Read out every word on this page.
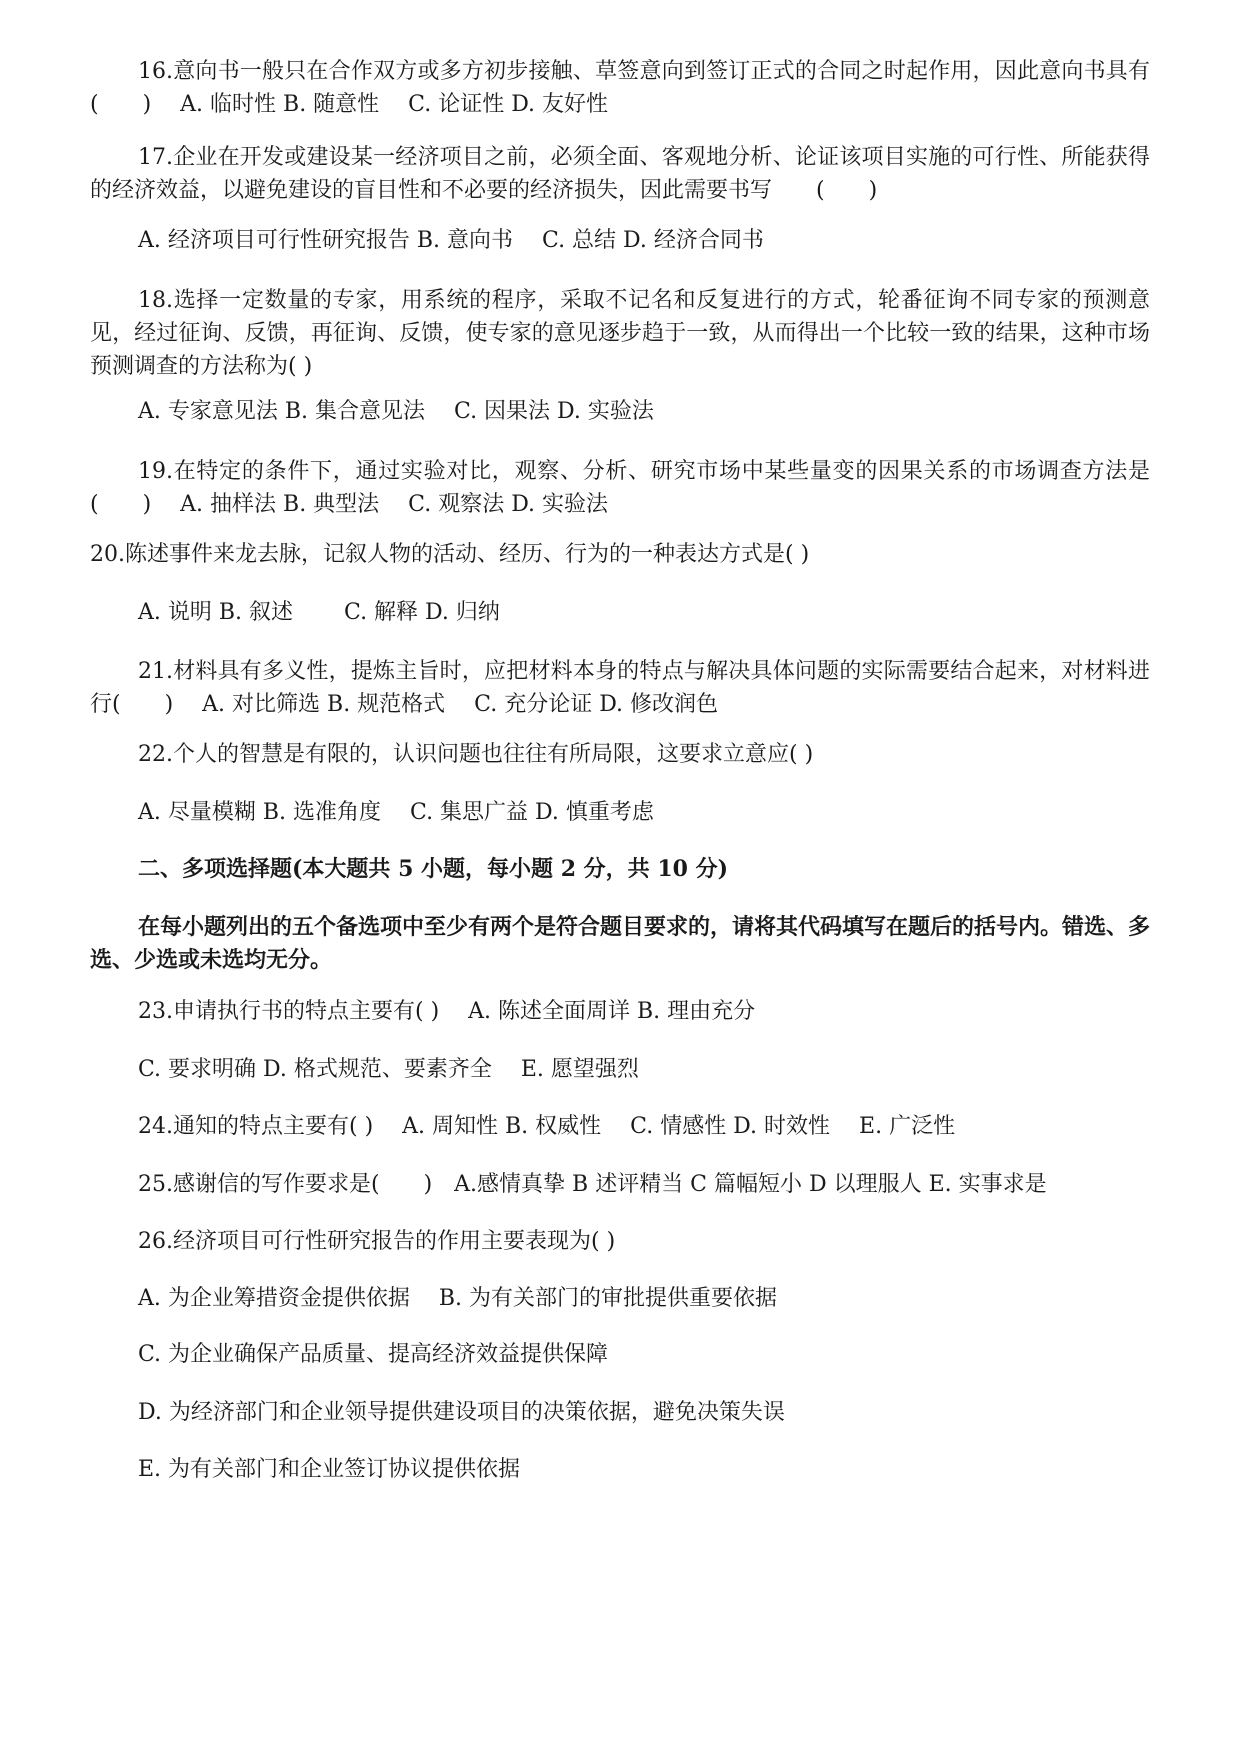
16.意向书一般只在合作双方或多方初步接触、草签意向到签订正式的合同之时起作用，因此意向书具有(　　)　 A. 临时性 B. 随意性　 C. 论证性 D. 友好性

17.企业在开发或建设某一经济项目之前，必须全面、客观地分析、论证该项目实施的可行性、所能获得的经济效益，以避免建设的盲目性和不必要的经济损失，因此需要书写　　(　　)

A. 经济项目可行性研究报告 B. 意向书　 C. 总结 D. 经济合同书

18.选择一定数量的专家，用系统的程序，采取不记名和反复进行的方式，轮番征询不同专家的预测意见，经过征询、反馈，再征询、反馈，使专家的意见逐步趋于一致，从而得出一个比较一致的结果，这种市场预测调查的方法称为( )

A. 专家意见法 B. 集合意见法　 C. 因果法 D. 实验法

19.在特定的条件下，通过实验对比，观察、分析、研究市场中某些量变的因果关系的市场调查方法是(　　)　 A. 抽样法 B. 典型法　 C. 观察法 D. 实验法

20.陈述事件来龙去脉，记叙人物的活动、经历、行为的一种表达方式是( )

A. 说明 B. 叙述　　 C. 解释 D. 归纳

21.材料具有多义性，提炼主旨时，应把材料本身的特点与解决具体问题的实际需要结合起来，对材料进行(　　)　 A. 对比筛选 B. 规范格式　 C. 充分论证 D. 修改润色

22.个人的智慧是有限的，认识问题也往往有所局限，这要求立意应( )

A. 尽量模糊 B. 选准角度　 C. 集思广益 D. 慎重考虑

二、多项选择题(本大题共 5 小题，每小题 2 分，共 10 分)

在每小题列出的五个备选项中至少有两个是符合题目要求的，请将其代码填写在题后的括号内。错选、多选、少选或未选均无分。

23.申请执行书的特点主要有( )　 A. 陈述全面周详 B. 理由充分

C. 要求明确 D. 格式规范、要素齐全　 E. 愿望强烈

24.通知的特点主要有( )　 A. 周知性 B. 权威性　 C. 情感性 D. 时效性　 E. 广泛性

25.感谢信的写作要求是(　　)　A.感情真挚 B 述评精当 C 篇幅短小 D 以理服人 E. 实事求是

26.经济项目可行性研究报告的作用主要表现为( )

A. 为企业筹措资金提供依据　 B. 为有关部门的审批提供重要依据

C. 为企业确保产品质量、提高经济效益提供保障

D. 为经济部门和企业领导提供建设项目的决策依据，避免决策失误

E. 为有关部门和企业签订协议提供依据
